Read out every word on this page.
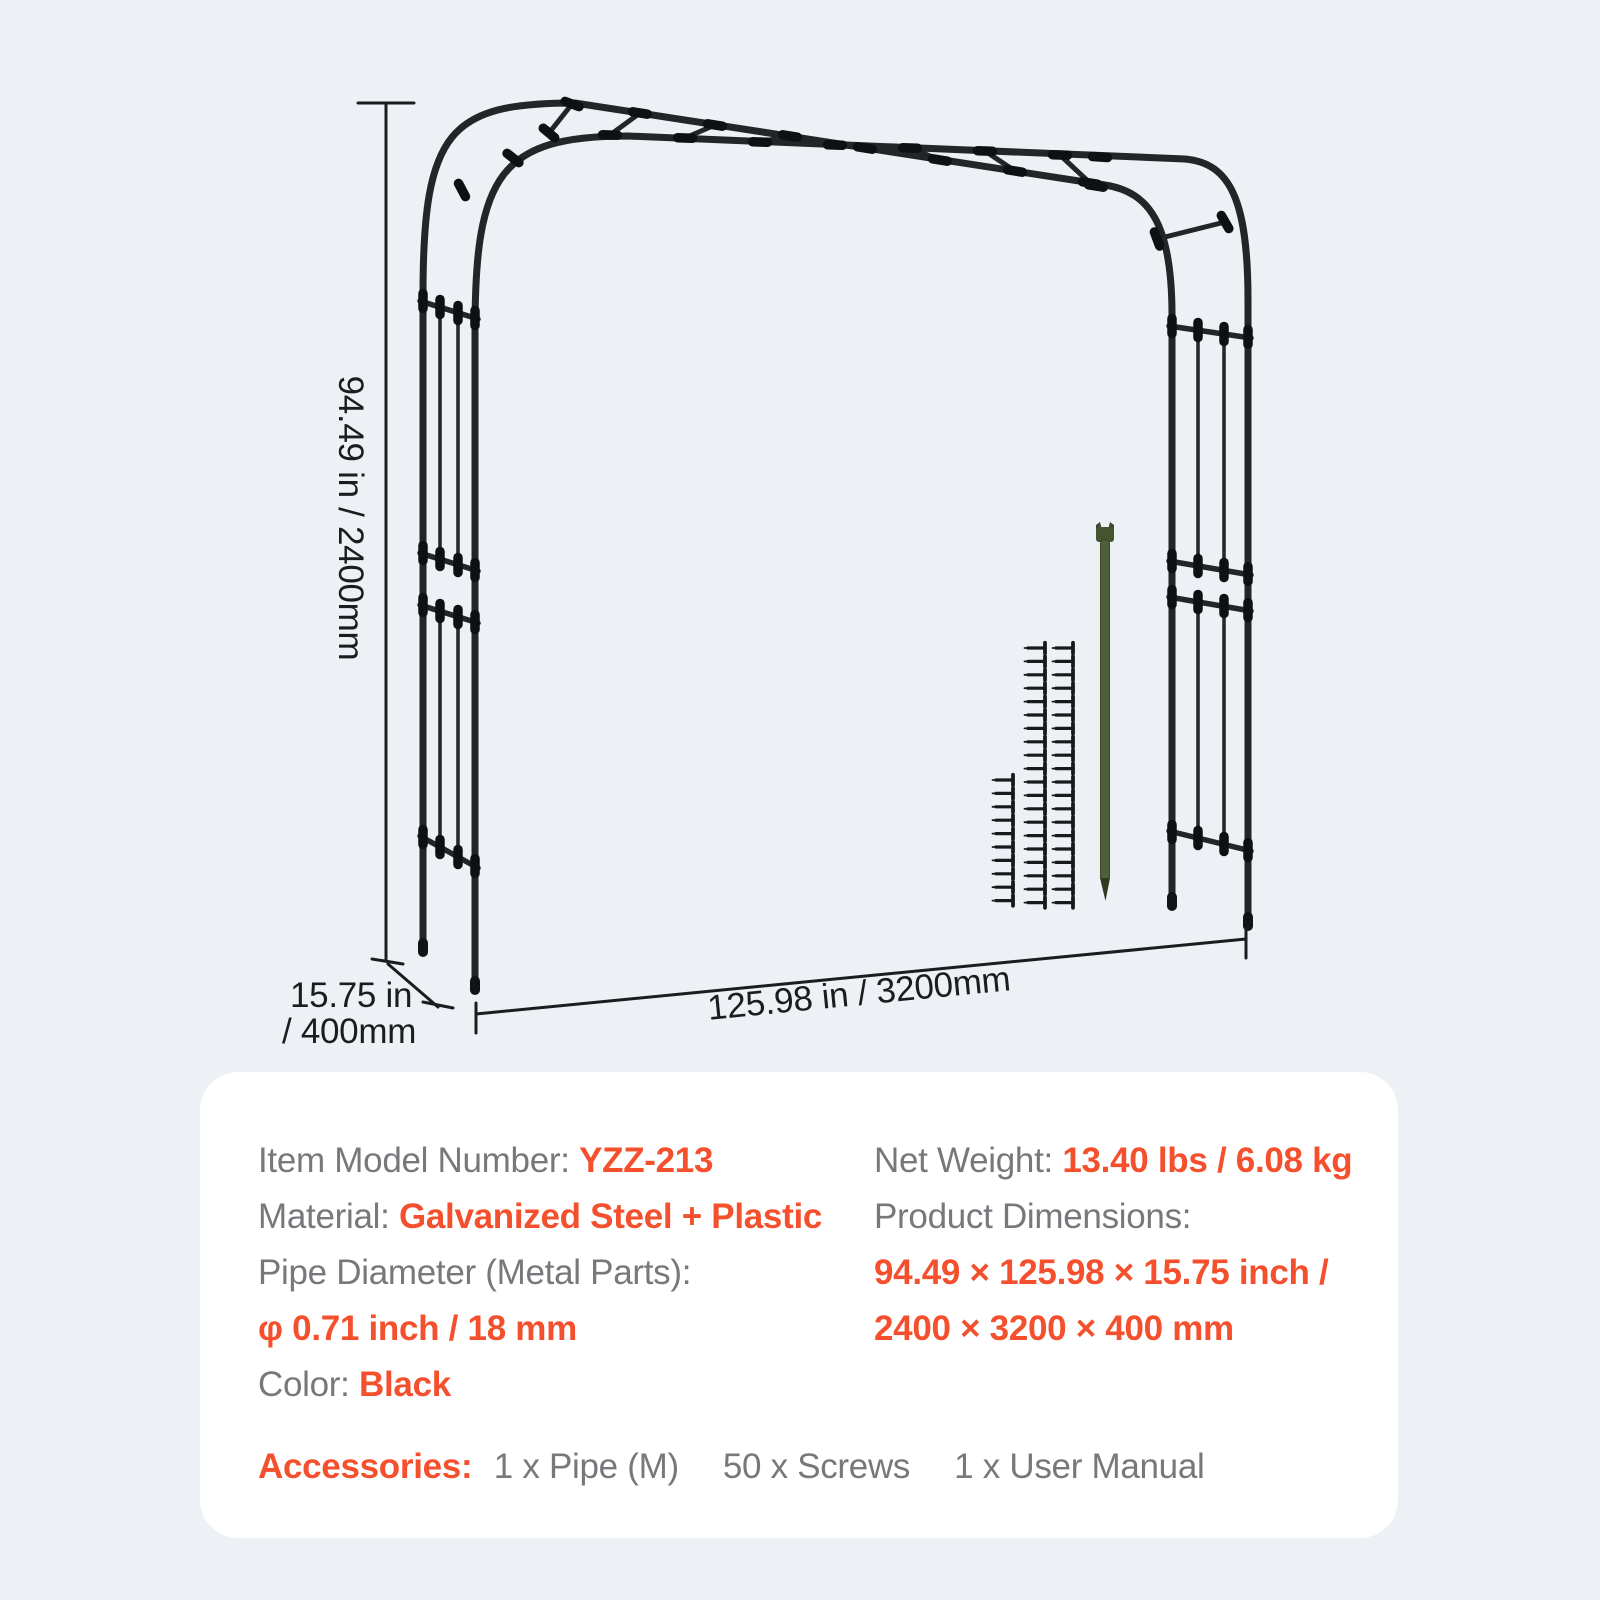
94.49 in / 2400mm
15.75 in
/ 400mm
125.98 in / 3200mm
Item Model Number: YZZ-213
Material: Galvanized Steel + Plastic
Pipe Diameter (Metal Parts):
φ 0.71 inch / 18 mm
Color: Black
Net Weight: 13.40 lbs / 6.08 kg
Product Dimensions:
94.49 × 125.98 × 15.75 inch /
2400 × 3200 × 400 mm
Accessories: 1 x Pipe (M) 50 x Screws 1 x User Manual
